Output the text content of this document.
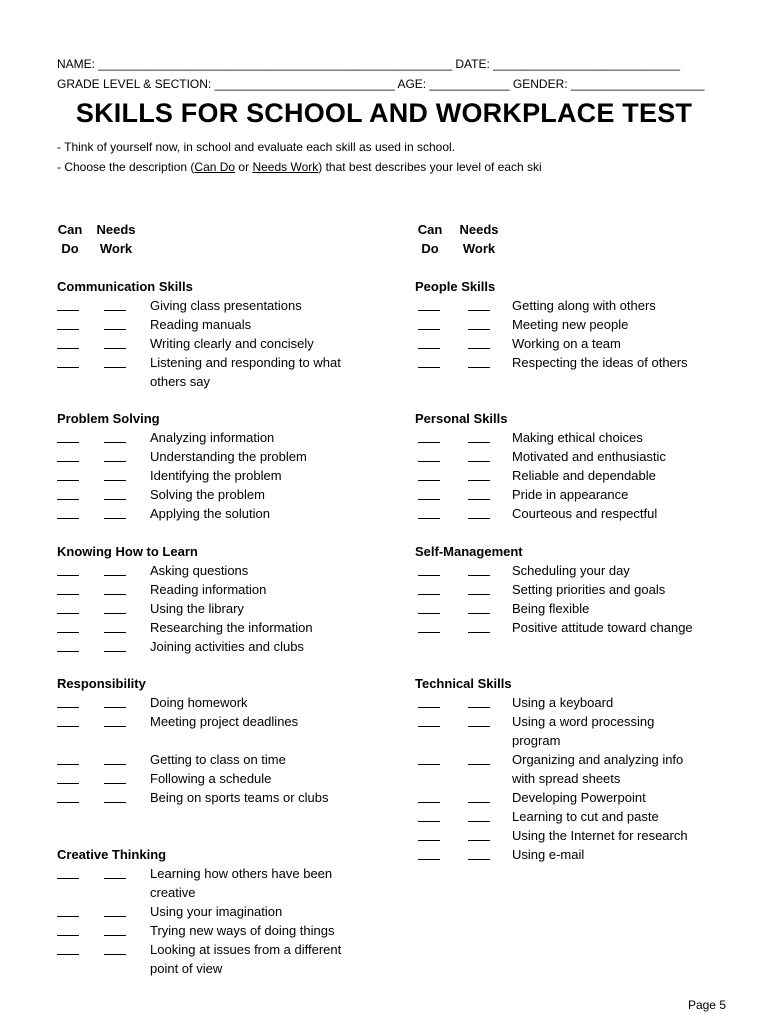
NAME: _____________________________________________________ DATE: ____________________________
GRADE LEVEL & SECTION: ___________________________ AGE: ____________ GENDER: ____________________
SKILLS FOR SCHOOL AND WORKPLACE TEST
- Think of yourself now, in school and evaluate each skill as used in school.
- Choose the description (Can Do or Needs Work) that best describes your level of each ski
Can
Do
Needs
Work
Can
Do
Needs
Work
Communication Skills
Giving class presentations
Reading manuals
Writing clearly and concisely
Listening and responding to what
others say
Problem Solving
Analyzing information
Understanding the problem
Identifying the problem
Solving the problem
Applying the solution
Knowing How to Learn
Asking questions
Reading information
Using the library
Researching the information
Joining activities and clubs
Responsibility
Doing homework
Meeting project deadlines
Getting to class on time
Following a schedule
Being on sports teams or clubs
Creative Thinking
Learning how others have been
creative
Using your imagination
Trying new ways of doing things
Looking at issues from a different
point of view
People Skills
Getting along with others
Meeting new people
Working on a team
Respecting the ideas of others
Personal Skills
Making ethical choices
Motivated and enthusiastic
Reliable and dependable
Pride in appearance
Courteous and respectful
Self-Management
Scheduling your day
Setting priorities and goals
Being flexible
Positive attitude toward change
Technical Skills
Using a keyboard
Using a word processing
program
Organizing and analyzing info
with spread sheets
Developing Powerpoint
Learning to cut and paste
Using the Internet for research
Using e-mail
Page 5
